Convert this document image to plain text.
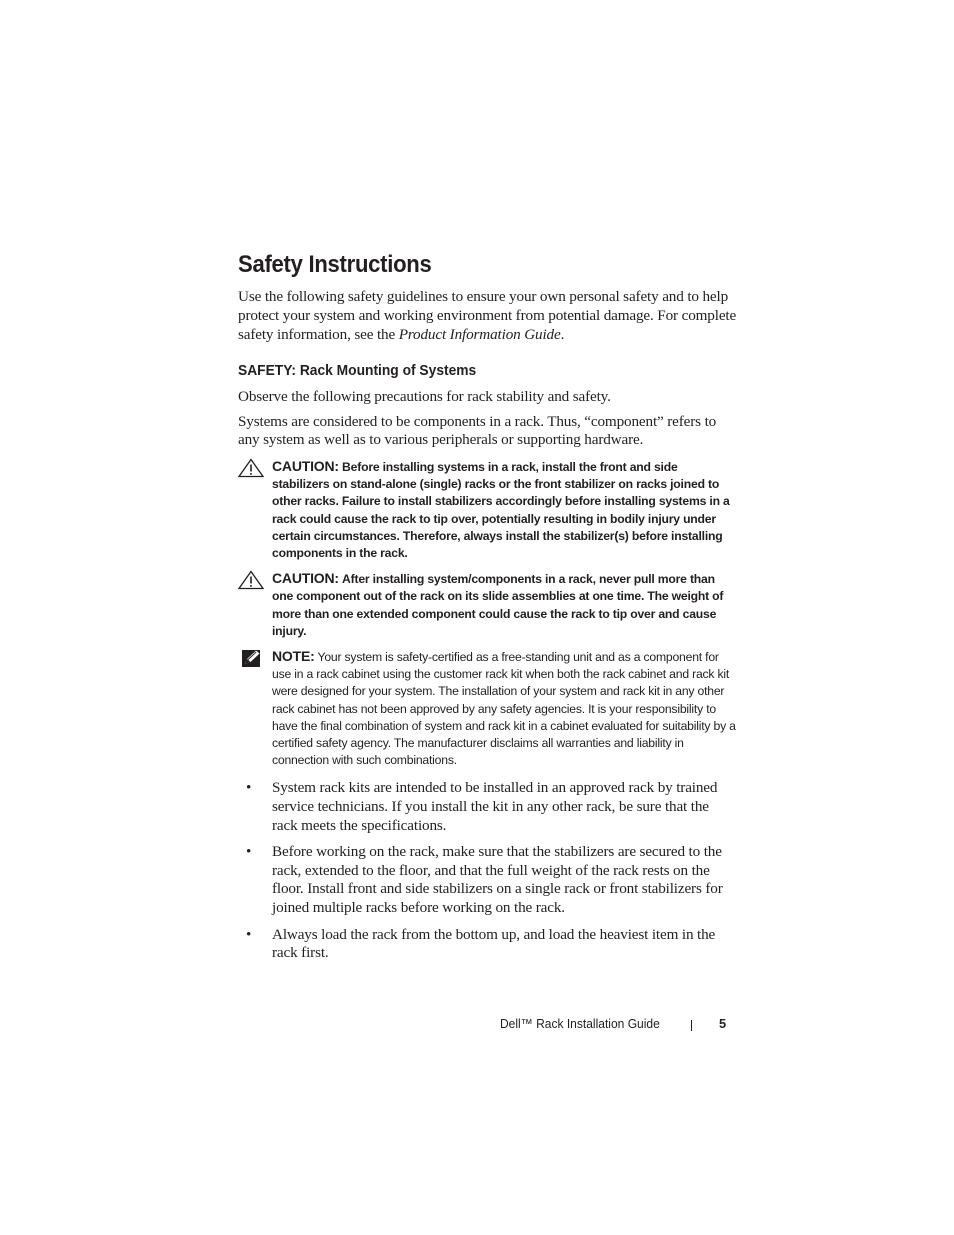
Safety Instructions

Use the following safety guidelines to ensure your own personal safety and to help protect your system and working environment from potential damage. For complete safety information, see the Product Information Guide.

SAFETY: Rack Mounting of Systems

Observe the following precautions for rack stability and safety.

Systems are considered to be components in a rack. Thus, “component” refers to any system as well as to various peripherals or supporting hardware.

CAUTION: Before installing systems in a rack, install the front and side stabilizers on stand-alone (single) racks or the front stabilizer on racks joined to other racks. Failure to install stabilizers accordingly before installing systems in a rack could cause the rack to tip over, potentially resulting in bodily injury under certain circumstances. Therefore, always install the stabilizer(s) before installing components in the rack.
CAUTION: After installing system/components in a rack, never pull more than one component out of the rack on its slide assemblies at one time. The weight of more than one extended component could cause the rack to tip over and cause injury.
NOTE: Your system is safety-certified as a free-standing unit and as a component for use in a rack cabinet using the customer rack kit when both the rack cabinet and rack kit were designed for your system. The installation of your system and rack kit in any other rack cabinet has not been approved by any safety agencies. It is your responsibility to have the final combination of system and rack kit in a cabinet evaluated for suitability by a certified safety agency. The manufacturer disclaims all warranties and liability in connection with such combinations.
• System rack kits are intended to be installed in an approved rack by trained service technicians. If you install the kit in any other rack, be sure that the rack meets the specifications.
• Before working on the rack, make sure that the stabilizers are secured to the rack, extended to the floor, and that the full weight of the rack rests on the floor. Install front and side stabilizers on a single rack or front stabilizers for joined multiple racks before working on the rack.
• Always load the rack from the bottom up, and load the heaviest item in the rack first.
Dell™ Rack Installation Guide	5
